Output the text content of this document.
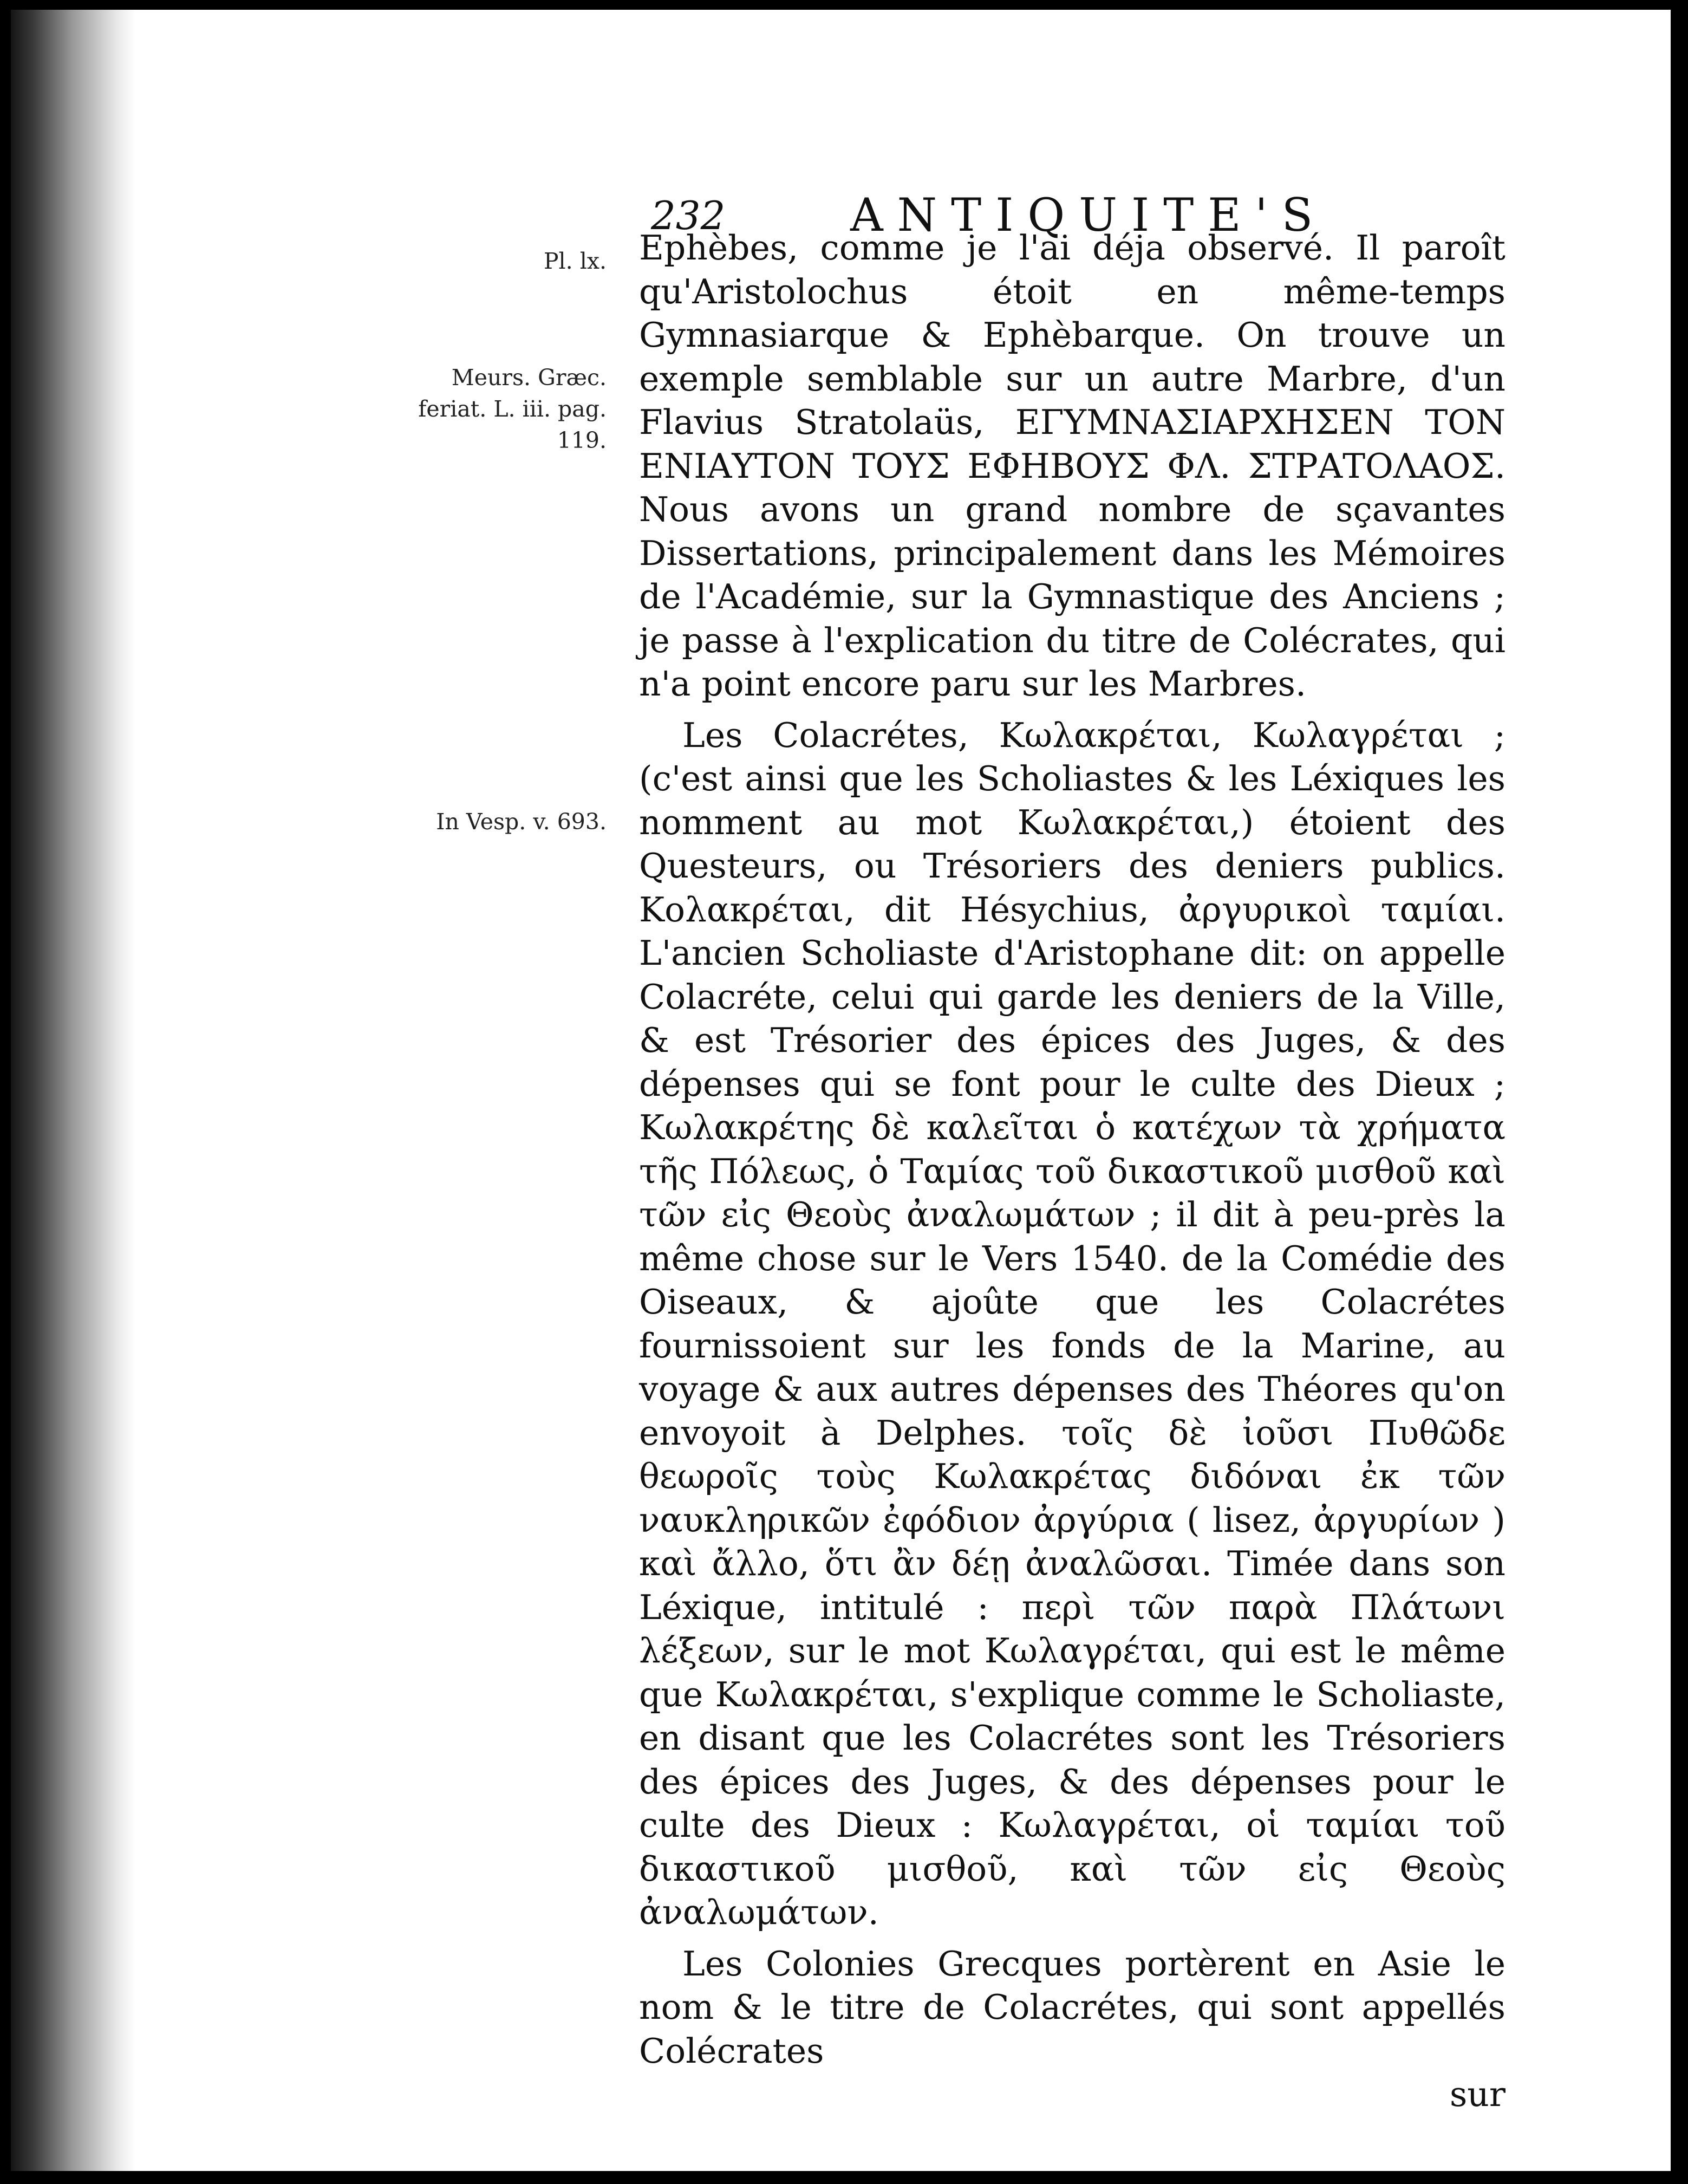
232	ANTIQUITE'S
Pl. lx.
Meurs. Græc. feriat. L. iii. pag. 119.
In Vesp. v. 693.

Ephèbes, comme je l'ai déja observé. Il paroît qu'Aristolochus étoit en même-temps Gymnasiarque & Ephèbarque. On trouve un exemple semblable sur un autre Marbre, d'un Flavius Stratolaüs, ΕΓΥΜΝΑΣΙΑΡΧΗΣΕΝ ΤΟΝ ΕΝΙΑΥΤΟΝ ΤΟΥΣ ΕΦΗΒΟΥΣ ΦΛ. ΣΤΡΑΤΟΛΑΟΣ. Nous avons un grand nombre de sçavantes Dissertations, principalement dans les Mémoires de l'Académie, sur la Gymnastique des Anciens ; je passe à l'explication du titre de Colécrates, qui n'a point encore paru sur les Marbres.

Les Colacrétes, Κωλακρέται, Κωλαγρέται ; (c'est ainsi que les Scholiastes & les Léxiques les nomment au mot Κωλακρέται,) étoient des Questeurs, ou Trésoriers des deniers publics. Κολακρέται, dit Hésychius, ἀργυρικοὶ ταμίαι. L'ancien Scholiaste d'Aristophane dit: on appelle Colacréte, celui qui garde les deniers de la Ville, & est Trésorier des épices des Juges, & des dépenses qui se font pour le culte des Dieux ; Κωλακρέτης δὲ καλεῖται ὁ κατέχων τὰ χρήματα τῆς Πόλεως, ὁ Ταμίας τοῦ δικαστικοῦ μισθοῦ καὶ τῶν εἰς Θεοὺς ἀναλωμάτων ; il dit à peu-près la même chose sur le Vers 1540. de la Comédie des Oiseaux, & ajoûte que les Colacrétes fournissoient sur les fonds de la Marine, au voyage & aux autres dépenses des Théores qu'on envoyoit à Delphes. τοῖς δὲ ἰοῦσι Πυθῶδε θεωροῖς τοὺς Κωλακρέτας διδόναι ἐκ τῶν ναυκληρικῶν ἐφόδιον ἀργύρια ( lisez, ἀργυρίων ) καὶ ἄλλο, ὅτι ἂν δέῃ ἀναλῶσαι. Timée dans son Léxique, intitulé : περὶ τῶν παρὰ Πλάτωνι λέξεων, sur le mot Κωλαγρέται, qui est le même que Κωλακρέται, s'explique comme le Scholiaste, en disant que les Colacrétes sont les Trésoriers des épices des Juges, & des dépenses pour le culte des Dieux : Κωλαγρέται, οἱ ταμίαι τοῦ δικαστικοῦ μισθοῦ, καὶ τῶν εἰς Θεοὺς ἀναλωμάτων.

Les Colonies Grecques portèrent en Asie le nom & le titre de Colacrétes, qui sont appellés Colécrates

sur
